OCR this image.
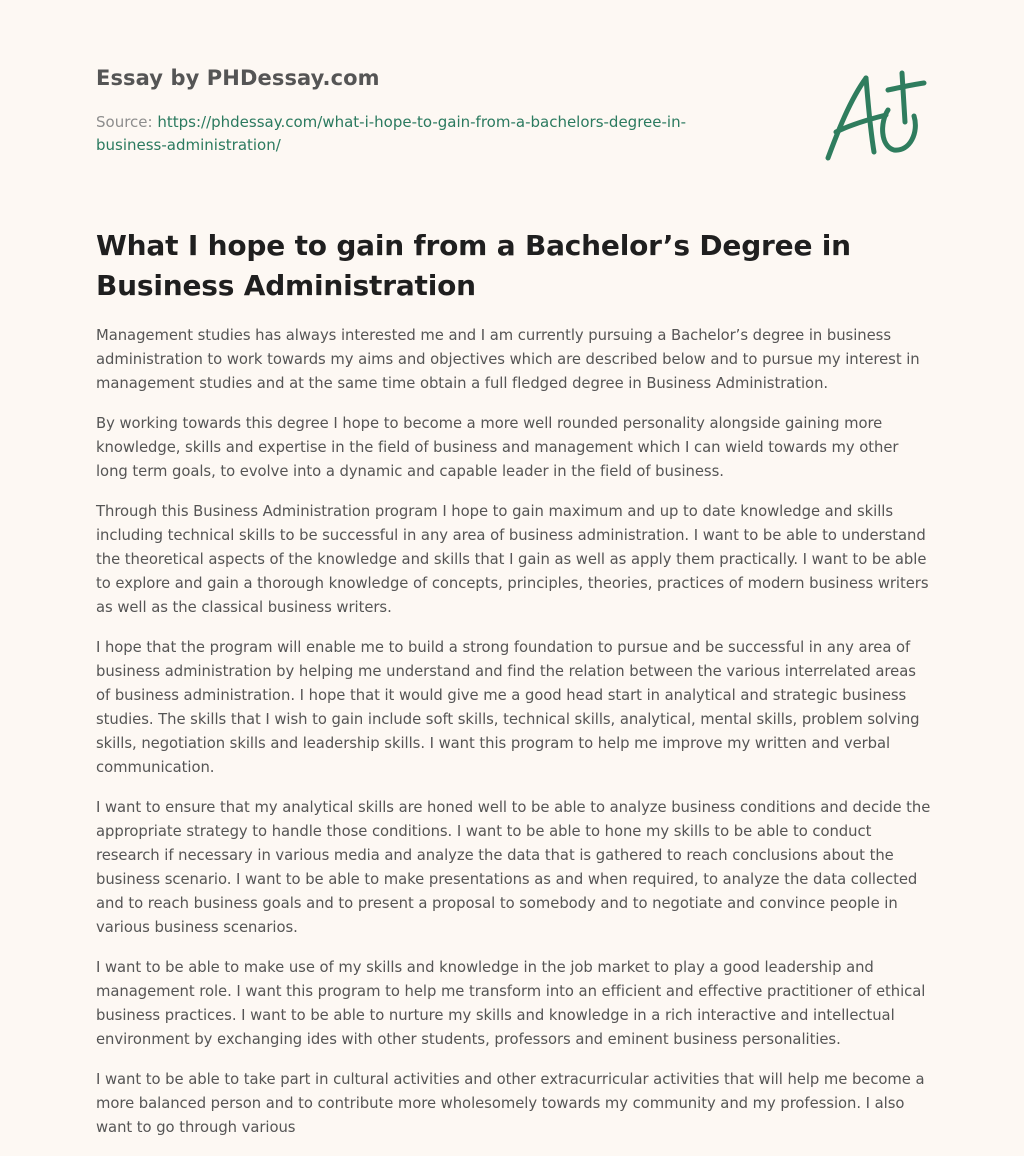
Essay by PHDessay.com
Source: https://phdessay.com/what-i-hope-to-gain-from-a-bachelors-degree-in-business-administration/
What I hope to gain from a Bachelor’s Degree in Business Administration

Management studies has always interested me and I am currently pursuing a Bachelor’s degree in business administration to work towards my aims and objectives which are described below and to pursue my interest in management studies and at the same time obtain a full fledged degree in Business Administration.

By working towards this degree I hope to become a more well rounded personality alongside gaining more knowledge, skills and expertise in the field of business and management which I can wield towards my other long term goals, to evolve into a dynamic and capable leader in the field of business.

Through this Business Administration program I hope to gain maximum and up to date knowledge and skills including technical skills to be successful in any area of business administration. I want to be able to understand the theoretical aspects of the knowledge and skills that I gain as well as apply them practically. I want to be able to explore and gain a thorough knowledge of concepts, principles, theories, practices of modern business writers as well as the classical business writers.

I hope that the program will enable me to build a strong foundation to pursue and be successful in any area of business administration by helping me understand and find the relation between the various interrelated areas of business administration. I hope that it would give me a good head start in analytical and strategic business studies. The skills that I wish to gain include soft skills, technical skills, analytical, mental skills, problem solving skills, negotiation skills and leadership skills. I want this program to help me improve my written and verbal communication.

I want to ensure that my analytical skills are honed well to be able to analyze business conditions and decide the appropriate strategy to handle those conditions. I want to be able to hone my skills to be able to conduct research if necessary in various media and analyze the data that is gathered to reach conclusions about the business scenario. I want to be able to make presentations as and when required, to analyze the data collected and to reach business goals and to present a proposal to somebody and to negotiate and convince people in various business scenarios.

I want to be able to make use of my skills and knowledge in the job market to play a good leadership and management role. I want this program to help me transform into an efficient and effective practitioner of ethical business practices. I want to be able to nurture my skills and knowledge in a rich interactive and intellectual environment by exchanging ides with other students, professors and eminent business personalities.

I want to be able to take part in cultural activities and other extracurricular activities that will help me become a more balanced person and to contribute more wholesomely towards my community and my profession. I also want to go through various
